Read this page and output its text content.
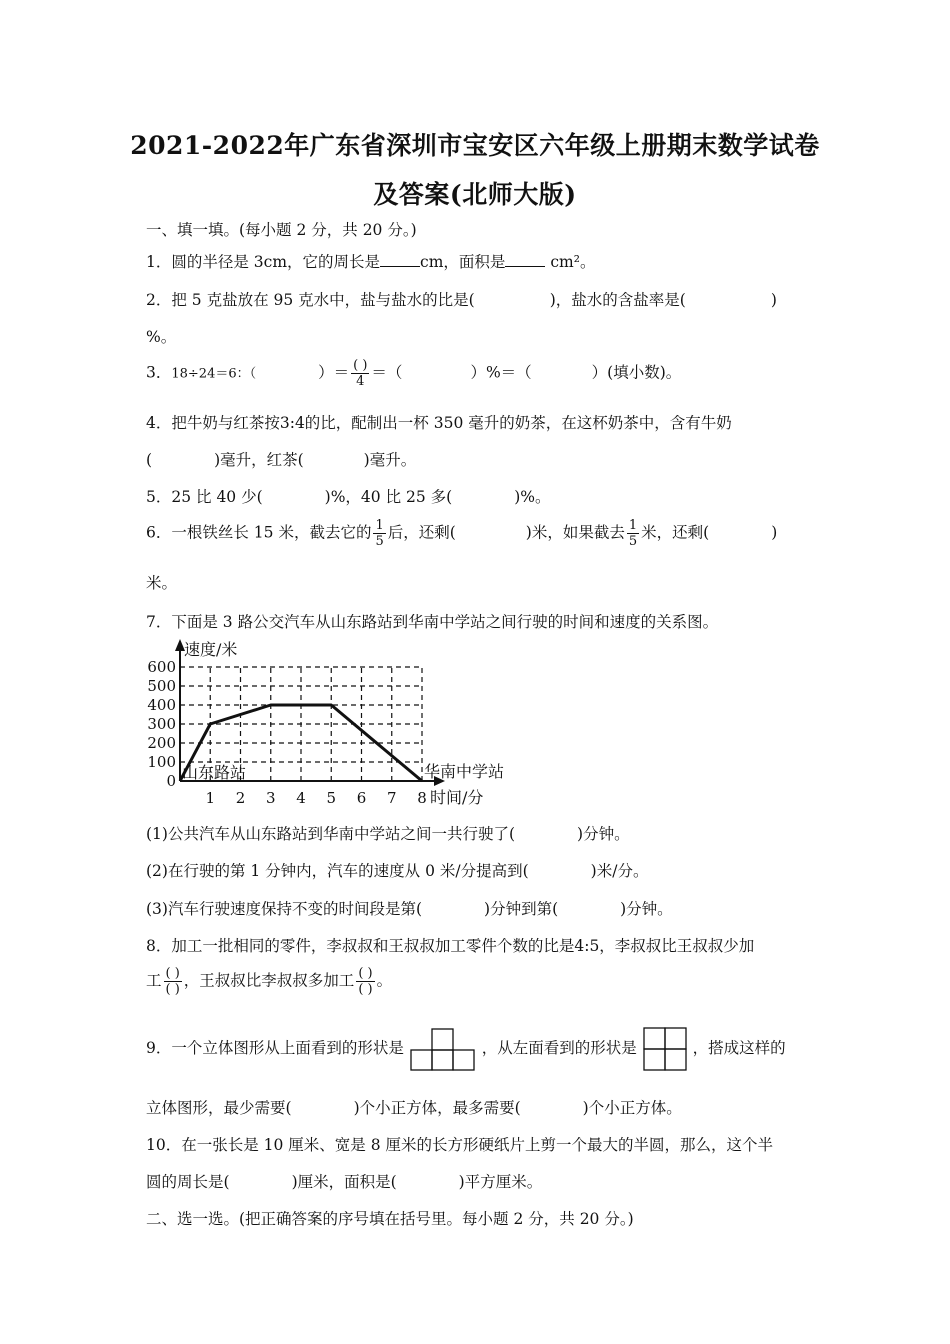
2021-2022年广东省深圳市宝安区六年级上册期末数学试卷
及答案(北师大版)
一、填一填。(每小题 2 分，共 20 分。)
1．圆的半径是 3cm，它的周长是	cm，面积是	cm²。
2．把 5 克盐放在 95 克水中，盐与盐水的比是(	)，盐水的含盐率是(	)
%。
3．18÷24＝6：（	）＝ $\frac{( )}{4}$ ＝（	）%＝（	）(填小数)。
4．把牛奶与红茶按3:4的比，配制出一杯 350 毫升的奶茶，在这杯奶茶中，含有牛奶
(	)毫升，红茶(	)毫升。
5．25 比 40 少(	)%，40 比 25 多(	)%。
6．一根铁丝长 15 米，截去它的 $\frac{1}{5}$ 后，还剩(	)米，如果截去 $\frac{1}{5}$ 米，还剩(	)
米。
7．下面是 3 路公交汽车从山东路站到华南中学站之间行驶的时间和速度的关系图。
0
100
200
300
400
500
600
1 2 3 4 5 6 7 8
速度/米
时间/分
山东路站	华南中学站
(1)公共汽车从山东路站到华南中学站之间一共行驶了(	)分钟。
(2)在行驶的第 1 分钟内，汽车的速度从 0 米/分提高到(	)米/分。
(3)汽车行驶速度保持不变的时间段是第(	)分钟到第(	)分钟。
8．加工一批相同的零件，李叔叔和王叔叔加工零件个数的比是4:5，李叔叔比王叔叔少加
工 $\frac{( )}{( )}$ ，王叔叔比李叔叔多加工 $\frac{( )}{( )}$ 。
9．一个立体图形从上面看到的形状是	，从左面看到的形状是	，搭成这样的
立体图形，最少需要(	)个小正方体，最多需要(	)个小正方体。
10．在一张长是 10 厘米、宽是 8 厘米的长方形硬纸片上剪一个最大的半圆，那么，这个半
圆的周长是(	)厘米，面积是(	)平方厘米。
二、选一选。(把正确答案的序号填在括号里。每小题 2 分，共 20 分。)
